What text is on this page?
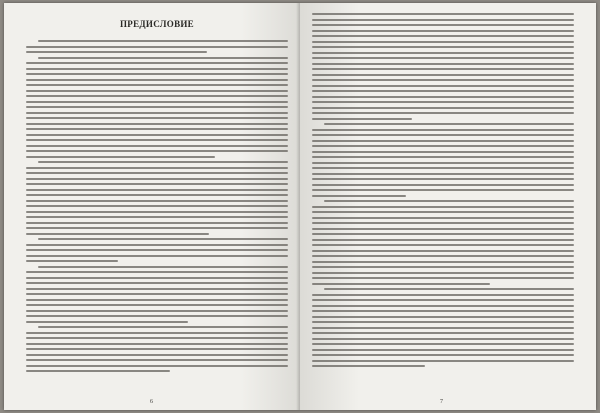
ПРЕДИСЛОВИЕ
6	7
